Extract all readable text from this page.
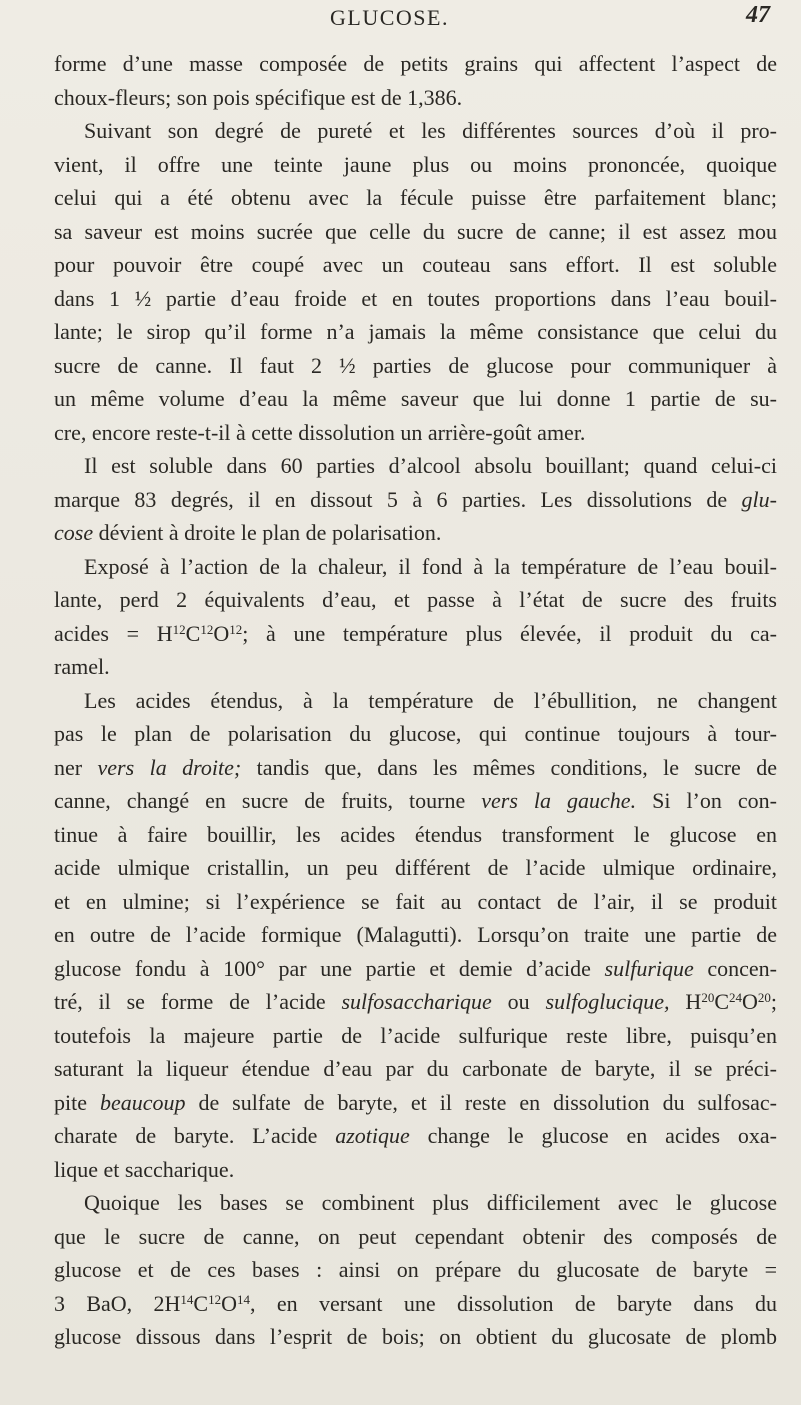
GLUCOSE.	47
forme d’une masse composée de petits grains qui affectent l’aspect de
choux-fleurs; son pois spécifique est de 1,386.
Suivant son degré de pureté et les différentes sources d’où il pro-
vient, il offre une teinte jaune plus ou moins prononcée, quoique
celui qui a été obtenu avec la fécule puisse être parfaitement blanc;
sa saveur est moins sucrée que celle du sucre de canne; il est assez mou
pour pouvoir être coupé avec un couteau sans effort. Il est soluble
dans 1 ½ partie d’eau froide et en toutes proportions dans l’eau bouil-
lante; le sirop qu’il forme n’a jamais la même consistance que celui du
sucre de canne. Il faut 2 ½ parties de glucose pour communiquer à
un même volume d’eau la même saveur que lui donne 1 partie de su-
cre, encore reste-t-il à cette dissolution un arrière-goût amer.
Il est soluble dans 60 parties d’alcool absolu bouillant; quand celui-ci
marque 83 degrés, il en dissout 5 à 6 parties. Les dissolutions de glu-
cose dévient à droite le plan de polarisation.
Exposé à l’action de la chaleur, il fond à la température de l’eau bouil-
lante, perd 2 équivalents d’eau, et passe à l’état de sucre des fruits
acides = $H^{12}C^{12}O^{12}$; à une température plus élevée, il produit du ca-
ramel.
Les acides étendus, à la température de l’ébullition, ne changent
pas le plan de polarisation du glucose, qui continue toujours à tour-
ner vers la droite; tandis que, dans les mêmes conditions, le sucre de
canne, changé en sucre de fruits, tourne vers la gauche. Si l’on con-
tinue à faire bouillir, les acides étendus transforment le glucose en
acide ulmique cristallin, un peu différent de l’acide ulmique ordinaire,
et en ulmine; si l’expérience se fait au contact de l’air, il se produit
en outre de l’acide formique (Malagutti). Lorsqu’on traite une partie de
glucose fondu à 100° par une partie et demie d’acide sulfurique concen-
tré, il se forme de l’acide sulfosaccharique ou sulfoglucique, $H^{20}C^{24}O^{20}$;
toutefois la majeure partie de l’acide sulfurique reste libre, puisqu’en
saturant la liqueur étendue d’eau par du carbonate de baryte, il se préci-
pite beaucoup de sulfate de baryte, et il reste en dissolution du sulfosac-
charate de baryte. L’acide azotique change le glucose en acides oxa-
lique et saccharique.
Quoique les bases se combinent plus difficilement avec le glucose
que le sucre de canne, on peut cependant obtenir des composés de
glucose et de ces bases : ainsi on prépare du glucosate de baryte =
3 BaO, $2H^{14}C^{12}O^{14}$, en versant une dissolution de baryte dans du
glucose dissous dans l’esprit de bois; on obtient du glucosate de plomb
